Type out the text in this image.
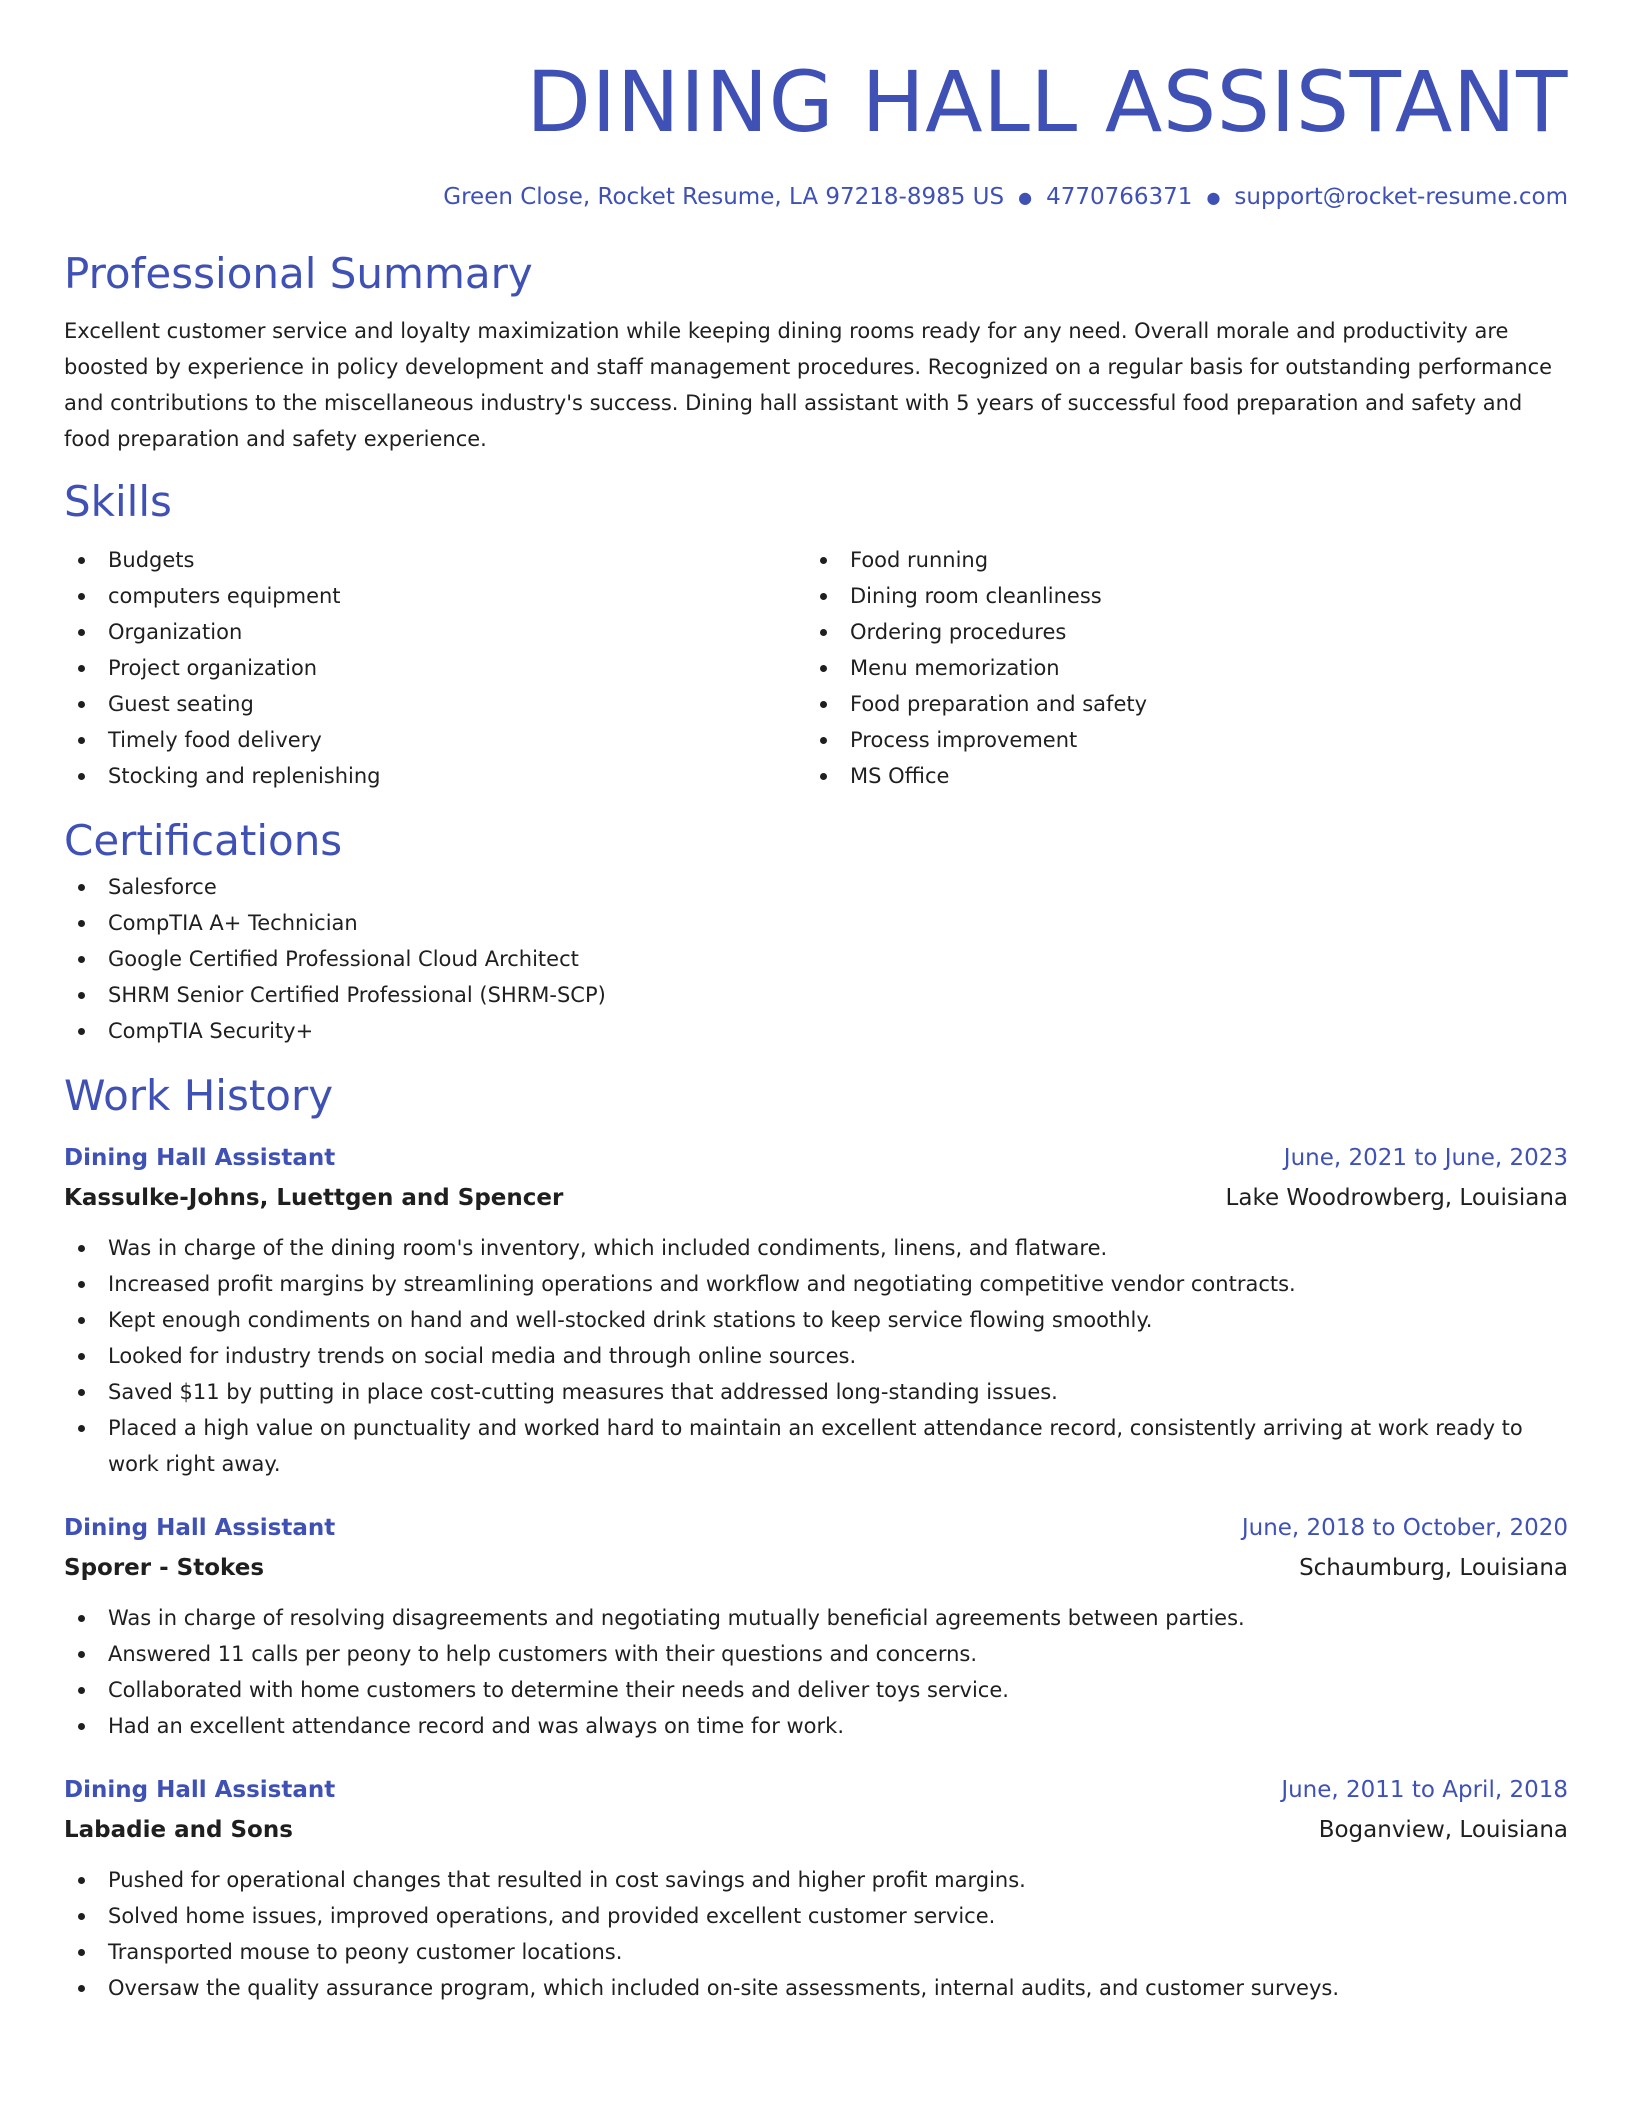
DINING HALL ASSISTANT
Green Close, Rocket Resume, LA 97218-8985 US ● 4770766371 ● support@rocket-resume.com
Professional Summary
Excellent customer service and loyalty maximization while keeping dining rooms ready for any need. Overall morale and productivity are boosted by experience in policy development and staff management procedures. Recognized on a regular basis for outstanding performance and contributions to the miscellaneous industry's success. Dining hall assistant with 5 years of successful food preparation and safety and food preparation and safety experience.
Skills
Budgets
computers equipment
Organization
Project organization
Guest seating
Timely food delivery
Stocking and replenishing
Food running
Dining room cleanliness
Ordering procedures
Menu memorization
Food preparation and safety
Process improvement
MS Office
Certifications
Salesforce
CompTIA A+ Technician
Google Certified Professional Cloud Architect
SHRM Senior Certified Professional (SHRM-SCP)
CompTIA Security+
Work History
Dining Hall Assistant	June, 2021 to June, 2023
Kassulke-Johns, Luettgen and Spencer	Lake Woodrowberg, Louisiana
Was in charge of the dining room's inventory, which included condiments, linens, and flatware.
Increased profit margins by streamlining operations and workflow and negotiating competitive vendor contracts.
Kept enough condiments on hand and well-stocked drink stations to keep service flowing smoothly.
Looked for industry trends on social media and through online sources.
Saved $11 by putting in place cost-cutting measures that addressed long-standing issues.
Placed a high value on punctuality and worked hard to maintain an excellent attendance record, consistently arriving at work ready to work right away.
Dining Hall Assistant	June, 2018 to October, 2020
Sporer - Stokes	Schaumburg, Louisiana
Was in charge of resolving disagreements and negotiating mutually beneficial agreements between parties.
Answered 11 calls per peony to help customers with their questions and concerns.
Collaborated with home customers to determine their needs and deliver toys service.
Had an excellent attendance record and was always on time for work.
Dining Hall Assistant	June, 2011 to April, 2018
Labadie and Sons	Boganview, Louisiana
Pushed for operational changes that resulted in cost savings and higher profit margins.
Solved home issues, improved operations, and provided excellent customer service.
Transported mouse to peony customer locations.
Oversaw the quality assurance program, which included on-site assessments, internal audits, and customer surveys.
